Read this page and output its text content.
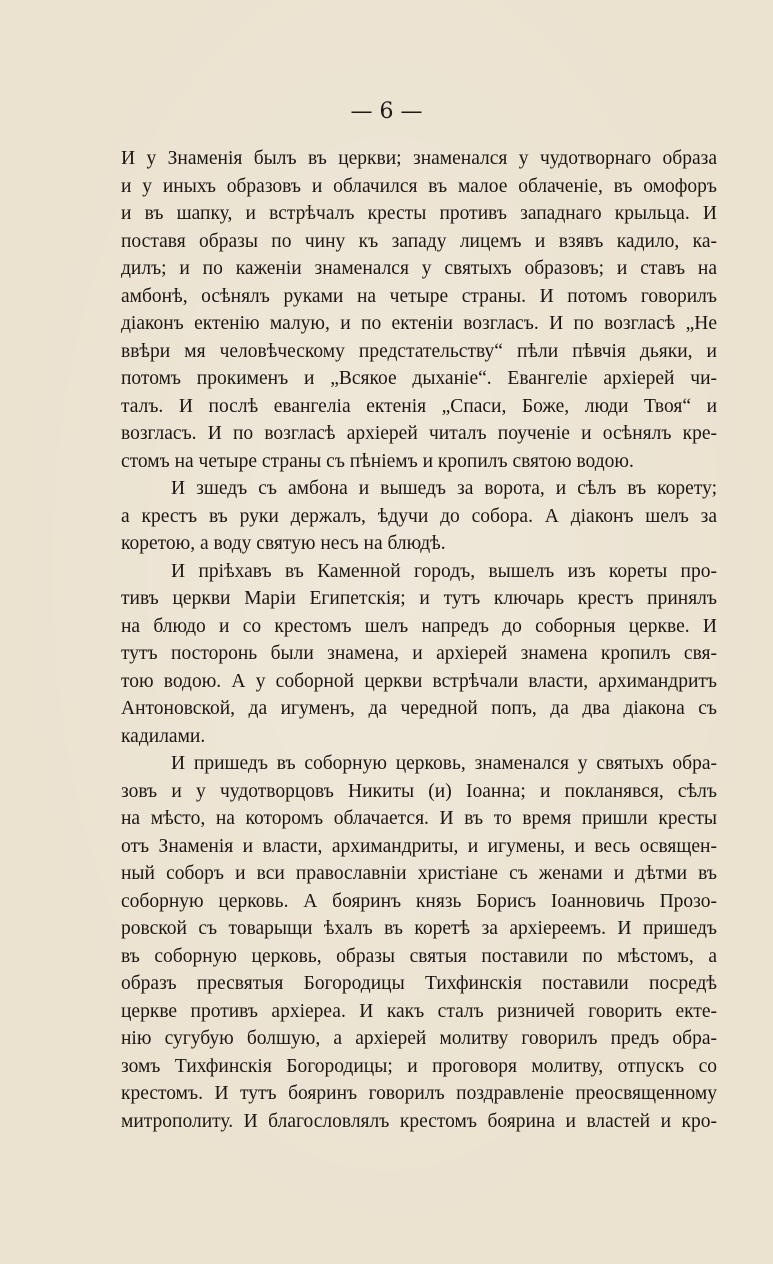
— 6 —
И у Знаменія былъ въ церкви; знаменался у чудотворнаго образа
и у иныхъ образовъ и облачился въ малое облаченіе, въ омофоръ
и въ шапку, и встрѣчалъ кресты противъ западнаго крыльца. И
поставя образы по чину къ западу лицемъ и взявъ кадило, ка-
дилъ; и по каженіи знаменался у святыхъ образовъ; и ставъ на
амбонѣ, осѣнялъ руками на четыре страны. И потомъ говорилъ
діаконъ ектенію малую, и по ектеніи возгласъ. И по возгласѣ „Не
ввѣри мя человѣческому предстательству“ пѣли пѣвчія дьяки, и
потомъ прокименъ и „Всякое дыханіе“. Евангеліе архіерей чи-
талъ. И послѣ евангеліа ектенія „Спаси, Боже, люди Твоя“ и
возгласъ. И по возгласѣ архіерей читалъ поученіе и осѣнялъ кре-
стомъ на четыре страны съ пѣніемъ и кропилъ святою водою.
И зшедъ съ амбона и вышедъ за ворота, и сѣлъ въ корету;
а крестъ въ руки держалъ, ѣдучи до собора. А діаконъ шелъ за
коретою, а воду святую несъ на блюдѣ.
И пріѣхавъ въ Каменной городъ, вышелъ изъ кореты про-
тивъ церкви Маріи Египетскія; и тутъ ключарь крестъ принялъ
на блюдо и со крестомъ шелъ напредъ до соборныя церкве. И
тутъ посторонь были знамена, и архіерей знамена кропилъ свя-
тою водою. А у соборной церкви встрѣчали власти, архимандритъ
Антоновской, да игуменъ, да чередной попъ, да два діакона съ
кадилами.
И пришедъ въ соборную церковь, знаменался у святыхъ обра-
зовъ и у чудотворцовъ Никиты (и) Іоанна; и покланявся, сѣлъ
на мѣсто, на которомъ облачается. И въ то время пришли кресты
отъ Знаменія и власти, архимандриты, и игумены, и весь освящен-
ный соборъ и вси православніи христіане съ женами и дѣтми въ
соборную церковь. А бояринъ князь Борисъ Іоанновичь Прозо-
ровской съ товарыщи ѣхалъ въ коретѣ за архіереемъ. И пришедъ
въ соборную церковь, образы святыя поставили по мѣстомъ, а
образъ пресвятыя Богородицы Тихфинскія поставили посредѣ
церкве противъ архіереа. И какъ сталъ ризничей говорить екте-
нію сугубую болшую, а архіерей молитву говорилъ предъ обра-
зомъ Тихфинскія Богородицы; и проговоря молитву, отпускъ со
крестомъ. И тутъ бояринъ говорилъ поздравленіе преосвященному
митрополиту. И благословлялъ крестомъ боярина и властей и кро-
